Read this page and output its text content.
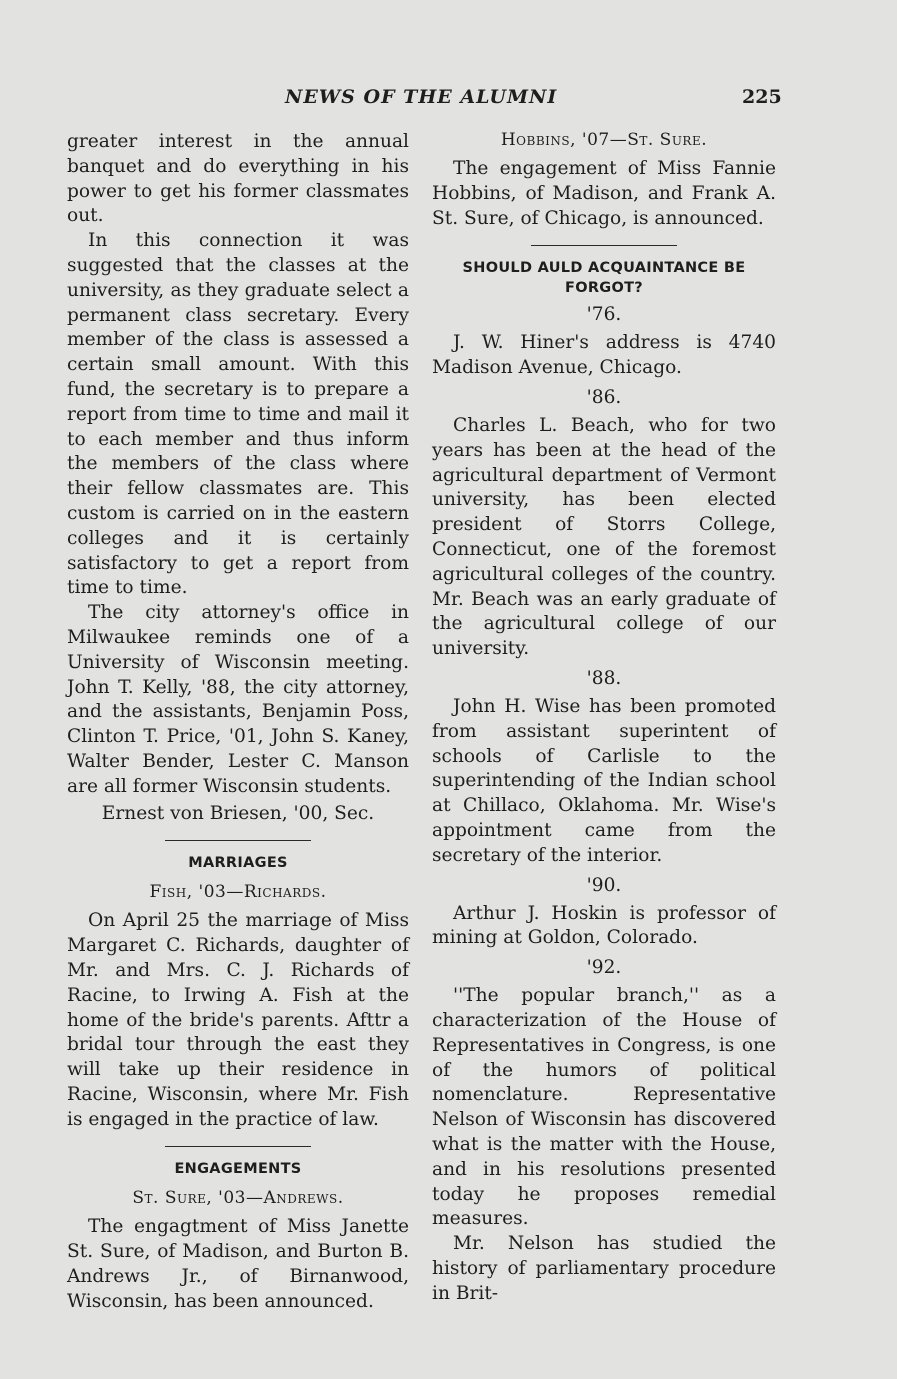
NEWS OF THE ALUMNI	225

greater interest in the annual banquet and do everything in his power to get his former classmates out.

In this connection it was suggested that the classes at the university, as they graduate select a permanent class secretary. Every member of the class is assessed a certain small amount. With this fund, the secretary is to prepare a report from time to time and mail it to each member and thus inform the members of the class where their fellow classmates are. This custom is carried on in the eastern colleges and it is certainly satisfactory to get a report from time to time.

The city attorney's office in Milwaukee reminds one of a University of Wisconsin meeting. John T. Kelly, '88, the city attorney, and the assistants, Benjamin Poss, Clinton T. Price, '01, John S. Kaney, Walter Bender, Lester C. Manson are all former Wisconsin students.

Ernest von Briesen, '00, Sec.

MARRIAGES
Fish, '03—Richards.

On April 25 the marriage of Miss Margaret C. Richards, daughter of Mr. and Mrs. C. J. Richards of Racine, to Irwing A. Fish at the home of the bride's parents. Afttr a bridal tour through the east they will take up their residence in Racine, Wisconsin, where Mr. Fish is engaged in the practice of law.

ENGAGEMENTS
St. Sure, '03—Andrews.

The engagtment of Miss Janette St. Sure, of Madison, and Burton B. Andrews Jr., of Birnanwood, Wisconsin, has been announced.

Hobbins, '07—St. Sure.

The engagement of Miss Fannie Hobbins, of Madison, and Frank A. St. Sure, of Chicago, is announced.

SHOULD AULD ACQUAINTANCE BE FORGOT?
'76.

J. W. Hiner's address is 4740 Madison Avenue, Chicago.

'86.

Charles L. Beach, who for two years has been at the head of the agricultural department of Vermont university, has been elected president of Storrs College, Connecticut, one of the foremost agricultural colleges of the country. Mr. Beach was an early graduate of the agricultural college of our university.

'88.

John H. Wise has been promoted from assistant superintent of schools of Carlisle to the superintending of the Indian school at Chillaco, Oklahoma. Mr. Wise's appointment came from the secretary of the interior.

'90.

Arthur J. Hoskin is professor of mining at Goldon, Colorado.

'92.

''The popular branch,'' as a characterization of the House of Representatives in Congress, is one of the humors of political nomenclature. Representative Nelson of Wisconsin has discovered what is the matter with the House, and in his resolutions presented today he proposes remedial measures.

Mr. Nelson has studied the history of parliamentary procedure in Brit-
